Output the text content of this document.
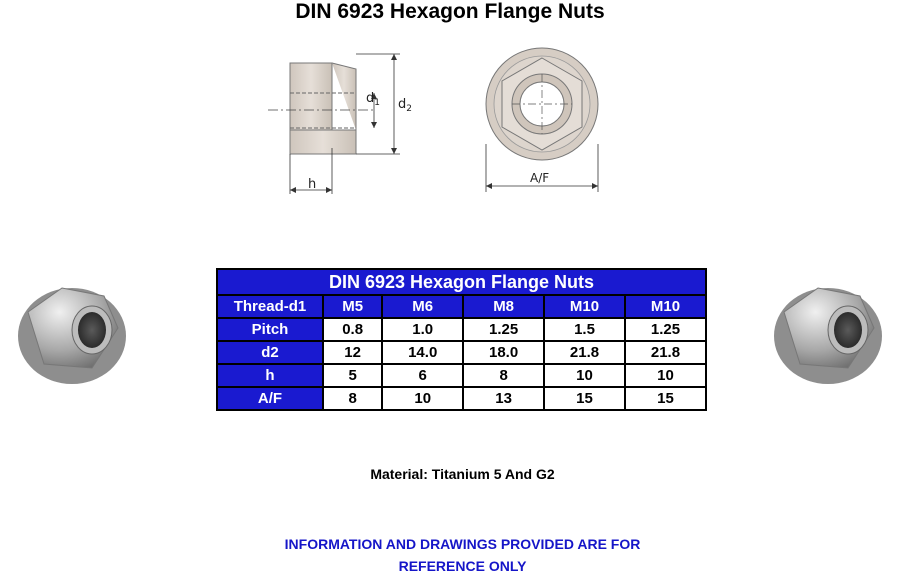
DIN 6923 Hexagon Flange Nuts
$d_1$ $d_2$
h	A/F
DIN 6923 Hexagon Flange Nuts					
Thread-d1	M5	M6	M8	M10	M10
Pitch	0.8	1.0	1.25	1.5	1.25
d2	12	14.0	18.0	21.8	21.8
h	5	6	8	10	10
A/F	8	10	13	15	15
Material: Titanium 5 And G2
INFORMATION AND DRAWINGS PROVIDED ARE FOR
REFERENCE ONLY
